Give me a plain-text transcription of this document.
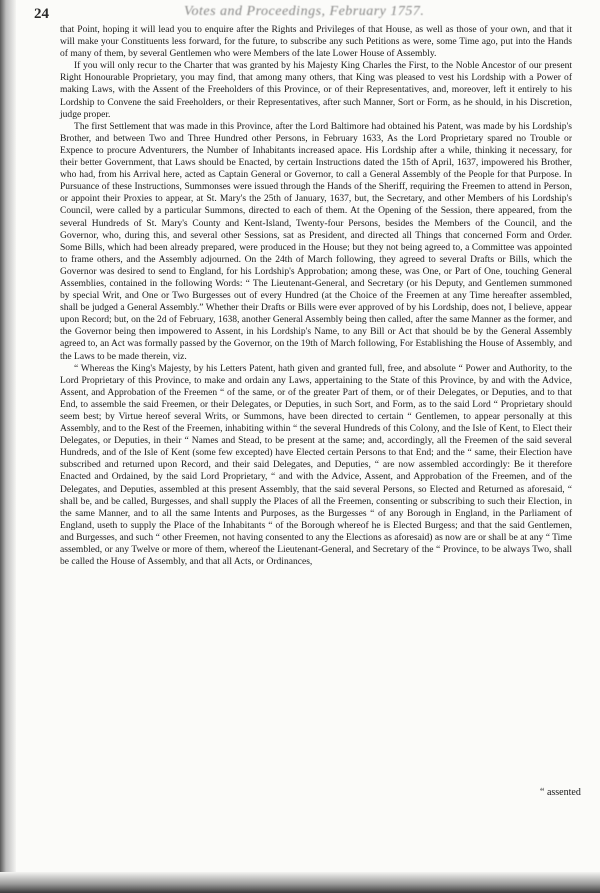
24	Votes and Proceedings, February 1757.

that Point, hoping it will lead you to enquire after the Rights and Privileges of that House, as well as those of your own, and that it will make your Constituents less forward, for the future, to subscribe any such Petitions as were, some Time ago, put into the Hands of many of them, by several Gentlemen who were Members of the late Lower House of Assembly.

If you will only recur to the Charter that was granted by his Majesty King Charles the First, to the Noble Ancestor of our present Right Honourable Proprietary, you may find, that among many others, that King was pleased to vest his Lordship with a Power of making Laws, with the Assent of the Freeholders of this Province, or of their Representatives, and, moreover, left it entirely to his Lordship to Convene the said Freeholders, or their Representatives, after such Manner, Sort or Form, as he should, in his Discretion, judge proper.

The first Settlement that was made in this Province, after the Lord Baltimore had obtained his Patent, was made by his Lordship's Brother, and between Two and Three Hundred other Persons, in February 1633, As the Lord Proprietary spared no Trouble or Expence to procure Adventurers, the Number of Inhabitants increased apace. His Lordship after a while, thinking it necessary, for their better Government, that Laws should be Enacted, by certain Instructions dated the 15th of April, 1637, impowered his Brother, who had, from his Arrival here, acted as Captain General or Governor, to call a General Assembly of the People for that Purpose. In Pursuance of these Instructions, Summonses were issued through the Hands of the Sheriff, requiring the Freemen to attend in Person, or appoint their Proxies to appear, at St. Mary's the 25th of January, 1637, but, the Secretary, and other Members of his Lordship's Council, were called by a particular Summons, directed to each of them. At the Opening of the Session, there appeared, from the several Hundreds of St. Mary's County and Kent-Island, Twenty-four Persons, besides the Members of the Council, and the Governor, who, during this, and several other Sessions, sat as President, and directed all Things that concerned Form and Order. Some Bills, which had been already prepared, were produced in the House; but they not being agreed to, a Committee was appointed to frame others, and the Assembly adjourned. On the 24th of March following, they agreed to several Drafts or Bills, which the Governor was desired to send to England, for his Lordship's Approbation; among these, was One, or Part of One, touching General Assemblies, contained in the following Words: “ The Lieutenant-General, and Secretary (or his Deputy, and Gentlemen summoned by special Writ, and One or Two Burgesses out of every Hundred (at the Choice of the Freemen at any Time hereafter assembled, shall be judged a General Assembly.” Whether their Drafts or Bills were ever approved of by his Lordship, does not, I believe, appear upon Record; but, on the 2d of February, 1638, another General Assembly being then called, after the same Manner as the former, and the Governor being then impowered to Assent, in his Lordship's Name, to any Bill or Act that should be by the General Assembly agreed to, an Act was formally passed by the Governor, on the 19th of March following, For Establishing the House of Assembly, and the Laws to be made therein, viz.

“ Whereas the King's Majesty, by his Letters Patent, hath given and granted full, free, and absolute “ Power and Authority, to the Lord Proprietary of this Province, to make and ordain any Laws, appertaining to the State of this Province, by and with the Advice, Assent, and Approbation of the Freemen “ of the same, or of the greater Part of them, or of their Delegates, or Deputies, and to that End, to assemble the said Freemen, or their Delegates, or Deputies, in such Sort, and Form, as to the said Lord “ Proprietary should seem best; by Virtue hereof several Writs, or Summons, have been directed to certain “ Gentlemen, to appear personally at this Assembly, and to the Rest of the Freemen, inhabiting within “ the several Hundreds of this Colony, and the Isle of Kent, to Elect their Delegates, or Deputies, in their “ Names and Stead, to be present at the same; and, accordingly, all the Freemen of the said several Hundreds, and of the Isle of Kent (some few excepted) have Elected certain Persons to that End; and the “ same, their Election have subscribed and returned upon Record, and their said Delegates, and Deputies, “ are now assembled accordingly: Be it therefore Enacted and Ordained, by the said Lord Proprietary, “ and with the Advice, Assent, and Approbation of the Freemen, and of the Delegates, and Deputies, assembled at this present Assembly, that the said several Persons, so Elected and Returned as aforesaid, “ shall be, and be called, Burgesses, and shall supply the Places of all the Freemen, consenting or subscribing to such their Election, in the same Manner, and to all the same Intents and Purposes, as the Burgesses “ of any Borough in England, in the Parliament of England, useth to supply the Place of the Inhabitants “ of the Borough whereof he is Elected Burgess; and that the said Gentlemen, and Burgesses, and such “ other Freemen, not having consented to any the Elections as aforesaid) as now are or shall be at any “ Time assembled, or any Twelve or more of them, whereof the Lieutenant-General, and Secretary of the “ Province, to be always Two, shall be called the House of Assembly, and that all Acts, or Ordinances,

“ assented
